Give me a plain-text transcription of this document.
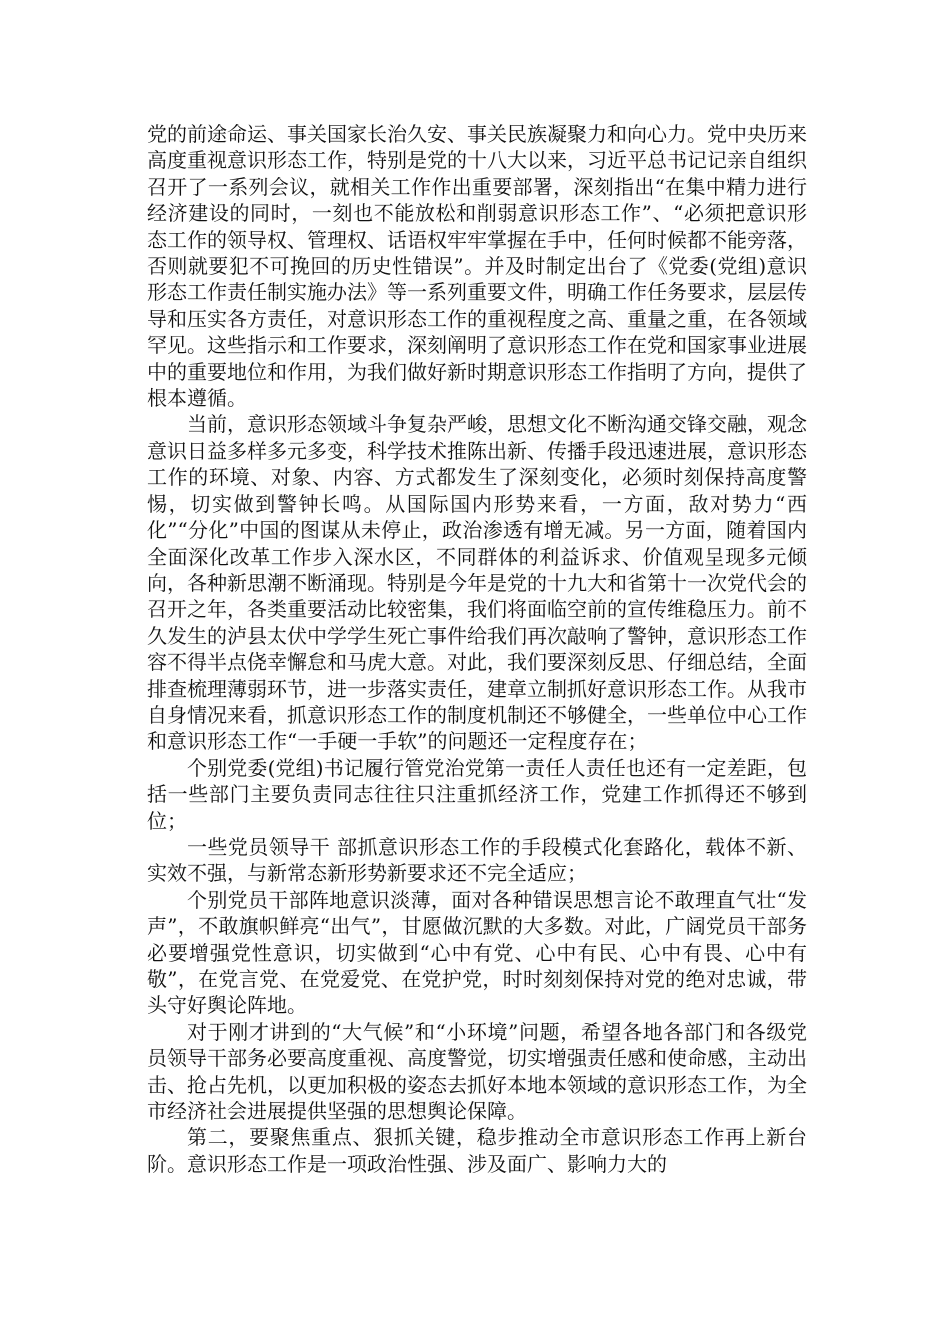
党的前途命运、事关国家长治久安、事关民族凝聚力和向心力。党中央历来高度重视意识形态工作，特别是党的十八大以来，习近平总书记记亲自组织召开了一系列会议，就相关工作作出重要部署，深刻指出“在集中精力进行经济建设的同时，一刻也不能放松和削弱意识形态工作”、“必须把意识形态工作的领导权、管理权、话语权牢牢掌握在手中，任何时候都不能旁落，否则就要犯不可挽回的历史性错误”。并及时制定出台了《党委(党组)意识形态工作责任制实施办法》等一系列重要文件，明确工作任务要求，层层传导和压实各方责任，对意识形态工作的重视程度之高、重量之重，在各领域罕见。这些指示和工作要求，深刻阐明了意识形态工作在党和国家事业进展中的重要地位和作用，为我们做好新时期意识形态工作指明了方向，提供了根本遵循。

当前，意识形态领域斗争复杂严峻，思想文化不断沟通交锋交融，观念意识日益多样多元多变，科学技术推陈出新、传播手段迅速进展，意识形态工作的环境、对象、内容、方式都发生了深刻变化，必须时刻保持高度警惕，切实做到警钟长鸣。从国际国内形势来看，一方面，敌对势力“西化”“分化”中国的图谋从未停止，政治渗透有增无减。另一方面，随着国内全面深化改革工作步入深水区，不同群体的利益诉求、价值观呈现多元倾向，各种新思潮不断涌现。特别是今年是党的十九大和省第十一次党代会的召开之年，各类重要活动比较密集，我们将面临空前的宣传维稳压力。前不久发生的泸县太伏中学学生死亡事件给我们再次敲响了警钟，意识形态工作容不得半点侥幸懈怠和马虎大意。对此，我们要深刻反思、仔细总结，全面排查梳理薄弱环节，进一步落实责任，建章立制抓好意识形态工作。从我市自身情况来看，抓意识形态工作的制度机制还不够健全，一些单位中心工作和意识形态工作“一手硬一手软”的问题还一定程度存在；

个别党委(党组)书记履行管党治党第一责任人责任也还有一定差距，包括一些部门主要负责同志往往只注重抓经济工作，党建工作抓得还不够到位；

一些党员领导干 部抓意识形态工作的手段模式化套路化，载体不新、实效不强，与新常态新形势新要求还不完全适应；

个别党员干部阵地意识淡薄，面对各种错误思想言论不敢理直气壮“发声”，不敢旗帜鲜亮“出气”，甘愿做沉默的大多数。对此，广阔党员干部务必要增强党性意识，切实做到“心中有党、心中有民、心中有畏、心中有敬”，在党言党、在党爱党、在党护党，时时刻刻保持对党的绝对忠诚，带头守好舆论阵地。

对于刚才讲到的“大气候”和“小环境”问题，希望各地各部门和各级党员领导干部务必要高度重视、高度警觉，切实增强责任感和使命感，主动出击、抢占先机，以更加积极的姿态去抓好本地本领域的意识形态工作，为全市经济社会进展提供坚强的思想舆论保障。

第二，要聚焦重点、狠抓关键，稳步推动全市意识形态工作再上新台阶。意识形态工作是一项政治性强、涉及面广、影响力大的
